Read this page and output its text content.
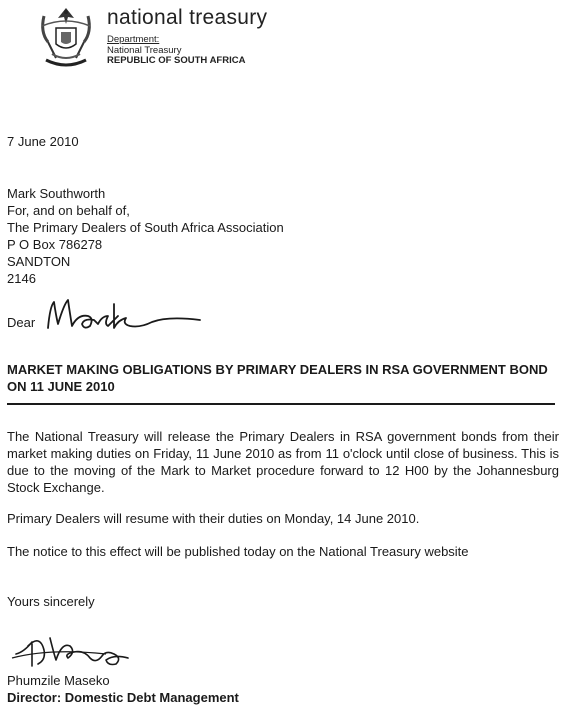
national treasury
Department:
National Treasury
REPUBLIC OF SOUTH AFRICA
7 June 2010
Mark Southworth
For, and on behalf of,
The Primary Dealers of South Africa Association
P O Box 786278
SANDTON
2146
Dear
MARKET MAKING OBLIGATIONS BY PRIMARY DEALERS IN RSA GOVERNMENT BOND ON 11 JUNE 2010
The National Treasury will release the Primary Dealers in RSA government bonds from their market making duties on Friday, 11 June 2010 as from 11 o'clock until close of business. This is due to the moving of the Mark to Market procedure forward to 12 H00 by the Johannesburg Stock Exchange.
Primary Dealers will resume with their duties on Monday, 14 June 2010.
The notice to this effect will be published today on the National Treasury website
Yours sincerely
Phumzile Maseko
Director: Domestic Debt Management
